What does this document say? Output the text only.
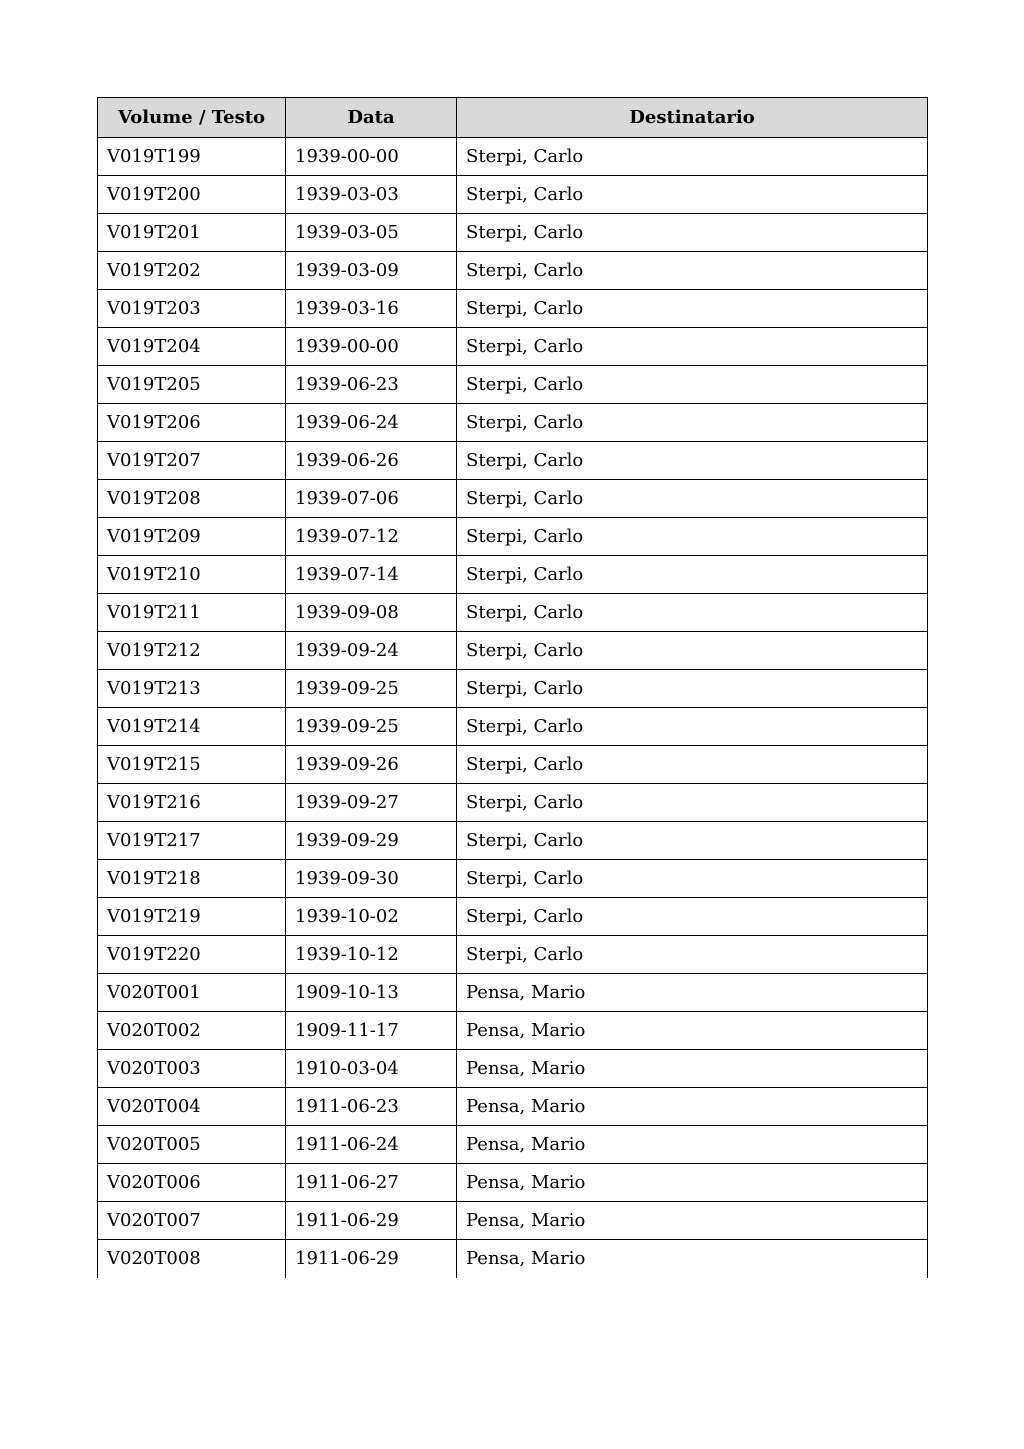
Volume / Testo	Data	Destinatario
V019T199	1939-00-00	Sterpi, Carlo
V019T200	1939-03-03	Sterpi, Carlo
V019T201	1939-03-05	Sterpi, Carlo
V019T202	1939-03-09	Sterpi, Carlo
V019T203	1939-03-16	Sterpi, Carlo
V019T204	1939-00-00	Sterpi, Carlo
V019T205	1939-06-23	Sterpi, Carlo
V019T206	1939-06-24	Sterpi, Carlo
V019T207	1939-06-26	Sterpi, Carlo
V019T208	1939-07-06	Sterpi, Carlo
V019T209	1939-07-12	Sterpi, Carlo
V019T210	1939-07-14	Sterpi, Carlo
V019T211	1939-09-08	Sterpi, Carlo
V019T212	1939-09-24	Sterpi, Carlo
V019T213	1939-09-25	Sterpi, Carlo
V019T214	1939-09-25	Sterpi, Carlo
V019T215	1939-09-26	Sterpi, Carlo
V019T216	1939-09-27	Sterpi, Carlo
V019T217	1939-09-29	Sterpi, Carlo
V019T218	1939-09-30	Sterpi, Carlo
V019T219	1939-10-02	Sterpi, Carlo
V019T220	1939-10-12	Sterpi, Carlo
V020T001	1909-10-13	Pensa, Mario
V020T002	1909-11-17	Pensa, Mario
V020T003	1910-03-04	Pensa, Mario
V020T004	1911-06-23	Pensa, Mario
V020T005	1911-06-24	Pensa, Mario
V020T006	1911-06-27	Pensa, Mario
V020T007	1911-06-29	Pensa, Mario
V020T008	1911-06-29	Pensa, Mario
